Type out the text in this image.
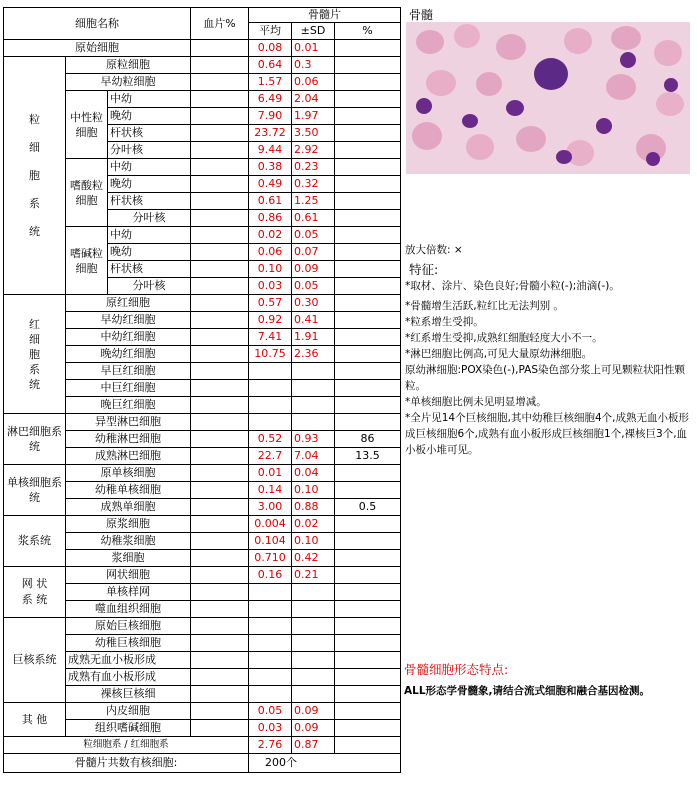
细胞名称			血片%	骨髓片		
				平均	±SD	%
原始细胞				0.08	0.01	

粒

细

胞

系

统	原粒细胞			0.64	0.3	
	早幼粒细胞			1.57	0.06	
	中性粒细胞	中幼		6.49	2.04	
		晚幼		7.90	1.97	
		杆状核		23.72	3.50	
		分叶核		9.44	2.92	
	嗜酸粒细胞	中幼		0.38	0.23	
		晚幼		0.49	0.32	
		杆状核		0.61	1.25	
		分叶核		0.86	0.61	
	嗜碱粒细胞	中幼		0.02	0.05	
		晚幼		0.06	0.07	
		杆状核		0.10	0.09	
		分叶核		0.03	0.05	

红
细
胞
系
统	原红细胞			0.57	0.30	
	早幼红细胞			0.92	0.41	
	中幼红细胞			7.41	1.91	
	晚幼红细胞			10.75	2.36	
	早巨红细胞					
	中巨红细胞					
	晚巨红细胞					
淋巴细胞系统	异型淋巴细胞					
	幼稚淋巴细胞			0.52	0.93	86
	成熟淋巴细胞			22.7	7.04	13.5
单核细胞系统	原单核细胞			0.01	0.04	
	幼稚单核细胞			0.14	0.10	
	成熟单细胞			3.00	0.88	0.5
浆系统	原浆细胞			0.004	0.02	
	幼稚浆细胞			0.104	0.10	
	浆细胞			0.710	0.42	
网 状
系 统	网状细胞			0.16	0.21	
	单核样网					
	噬血组织细胞					
巨核系统	原始巨核细胞					
	幼稚巨核细胞					
	成熟无血小板形成					
	成熟有血小板形成					
	裸核巨核细					
其 他	内皮细胞			0.05	0.09	
	组织嗜碱细胞			0.03	0.09	
粒细胞系 / 红细胞系				2.76	0.87	
骨髓片共数有核细胞:				200个		
骨髓

放大倍数: ×

特征:

*取材、涂片、染色良好;骨髓小粒(-);油滴(-)。

*骨髓增生活跃,粒红比无法判别 。

*粒系增生受抑。

*红系增生受抑,成熟红细胞轻度大小不一。

*淋巴细胞比例高,可见大量原幼淋细胞。

原幼淋细胞:POX染色(-),PAS染色部分浆上可见颗粒状阳性颗粒。

*单核细胞比例未见明显增减。

*全片见14个巨核细胞,其中幼稚巨核细胞4个,成熟无血小板形成巨核细胞6个,成熟有血小板形成巨核细胞1个,裸核巨3个,血小板小堆可见。

骨髓细胞形态特点:
ALL形态学骨髓象,请结合流式细胞和融合基因检测。
